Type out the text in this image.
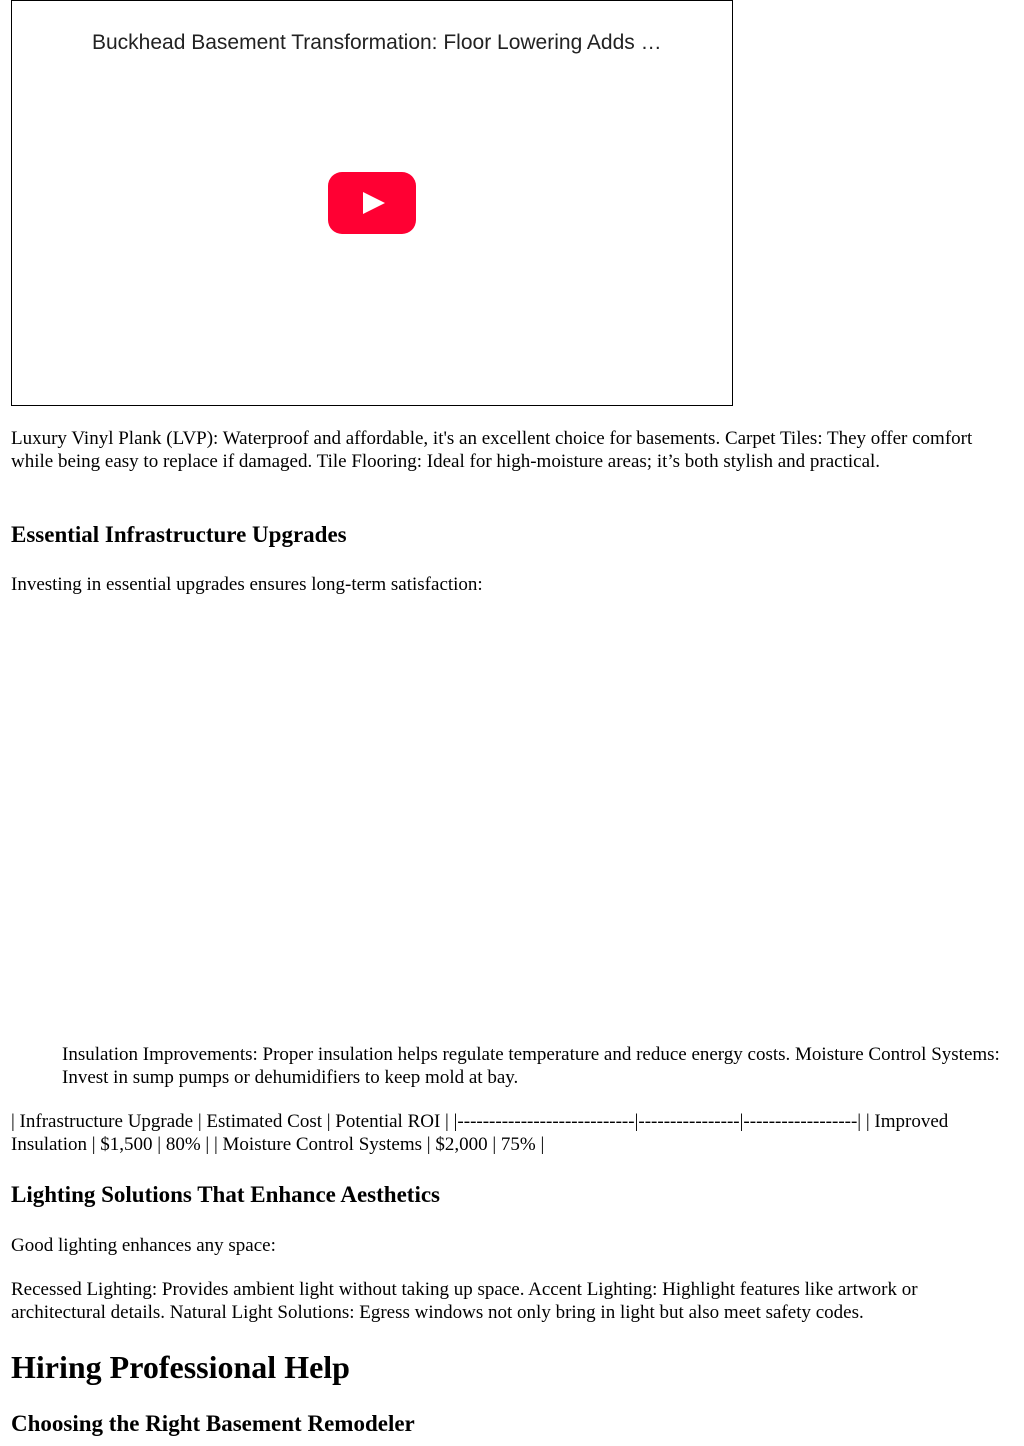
Buckhead Basement Transformation: Floor Lowering Adds …

Luxury Vinyl Plank (LVP): Waterproof and affordable, it's an excellent choice for basements. Carpet Tiles: They offer comfort while being easy to replace if damaged. Tile Flooring: Ideal for high-moisture areas; it’s both stylish and practical.

Essential Infrastructure Upgrades

Investing in essential upgrades ensures long-term satisfaction:

Insulation Improvements: Proper insulation helps regulate temperature and reduce energy costs. Moisture Control Systems: Invest in sump pumps or dehumidifiers to keep mold at bay.

| Infrastructure Upgrade | Estimated Cost | Potential ROI | |----------------------------|----------------|------------------| | Improved Insulation | $1,500 | 80% | | Moisture Control Systems | $2,000 | 75% |

Lighting Solutions That Enhance Aesthetics

Good lighting enhances any space:

Recessed Lighting: Provides ambient light without taking up space. Accent Lighting: Highlight features like artwork or architectural details. Natural Light Solutions: Egress windows not only bring in light but also meet safety codes.

Hiring Professional Help
Choosing the Right Basement Remodeler
